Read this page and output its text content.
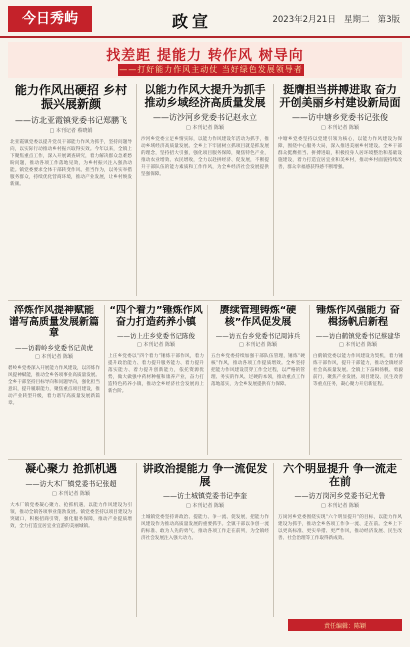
今日秀屿	政宣	2023年2月21日 星期二 第3版
找差距 提能力 转作风 树导向
——打好能力作风主动仗 当好绿色发展领导者
能力作风出硬招 乡村振兴展新颜
——访北亚霞镇党委书记郑鹏飞
□ 本刊记者 蔡晓娟
北亚霞镇党委以提升党员干部能力作风为抓手，坚持问题导向，以实际行动推动乡村振兴取得实效。今年以来，全镇上下聚焦重点工作，深入开展调查研究，着力解决群众急难愁盼问题，推动各项工作落地见效，为乡村振兴注入强劲动能。镇党委要求全体干部转变作风、担当作为，以务实举措服务群众，持续优化营商环境，推动产业发展，让乡村焕发新颜。
以能力作风大提升为抓手 推动乡域经济高质量发展
——访沙河乡党委书记赵永立
□ 本刊记者 陈颖
沙河乡党委立足乡情实际，以能力作风建设年活动为抓手，推动乡域经济高质量发展。全乡上下牢固树立抓项目就是抓发展的理念，坚持招大引强，强化项目服务保障，聚焦特色产业，推动农业增效、农民增收，全力以赴拼经济、促发展，不断提升干部队伍的能力素质和工作作风，为全乡经济社会发展提供坚强保障。
挺膺担当拼搏进取 奋力开创美丽乡村建设新局面
——访中塘乡党委书记张俊
□ 本刊记者 陈颖
中塘乡党委坚持以党建引领为核心，以能力作风建设为保障，围绕中心服务大局，深入推进美丽乡村建设。全乡干部群众挺膺担当、拼搏进取，积极投身人居环境整治和基础设施建设，着力打造宜居宜业和美乡村，推动乡村面貌持续改善，群众幸福感获得感不断增强。
淬炼作风提神赋能 谱写高质量发展新篇章
——访碧岭乡党委书记黄虎
□ 本刊记者 陈颖
碧岭乡党委深入开展能力作风建设，以淬炼作风提神赋能，推动全乡各项事业高质量发展。全乡干部坚持目标导向和问题导向，强化担当意识，提升履职能力，聚焦重点项目建设，推动产业转型升级，着力谱写高质量发展新篇章。
“四个着力”锤炼作风 奋力打造药养小镇
——访上庄乡党委书记陈俊
□ 本刊记者 陈颖
上庄乡党委以“四个着力”锤炼干部作风，着力提升政治能力、着力提升服务能力、着力提升落实能力、着力提升创新能力，依托资源优势，做大做强中药材种植和康养产业，奋力打造特色药养小镇，推动全乡经济社会发展再上新台阶。
赓续管理铸炼“硬核”作风促发展
——访五台乡党委书记周沛兵
□ 本刊记者 陈颖
五台乡党委持续加强干部队伍管理，锤炼“硬核”作风，推动各项工作提质增效。全乡坚持把能力作风建设贯穿工作全过程，以严格的管理、务实的作风、过硬的本领，推动重点工作落地落实，为全乡发展提供有力保障。
锤炼作风强能力 奋楫扬帆启新程
——访白鹤镇党委书记蔡建华
□ 本刊记者 陈颖
白鹤镇党委以能力作风建设为契机，着力锤炼干部作风，提升干部能力，推动全镇经济社会高质量发展。全镇上下奋楫扬帆、勇毅前行，聚焦产业发展、项目建设、民生改善等重点任务，凝心聚力开启新征程。
凝心聚力 抢抓机遇
——访大木厂镇党委书记张超
□ 本刊记者 陈颖
大木厂镇党委凝心聚力、抢抓机遇，以能力作风建设为引领，推动全镇各项事业蓬勃发展。镇党委坚持以项目建设为突破口，积极招商引资，强化服务保障，推动产业提质增效，全力打造宜居宜业宜游的美丽城镇。
讲政治提能力 争一流促发展
——访土城镇党委书记李奎
□ 本刊记者 陈颖
土城镇党委坚持讲政治、提能力、争一流、促发展，把能力作风建设作为推动高质量发展的重要抓手。全镇干部以争创一流的标准、敢为人先的勇气，推动各项工作走在前列，为全镇经济社会发展注入强大动力。
六个明显提升 争一流走在前
——访万岗河乡党委书记尤鲁
□ 本刊记者 陈颖
万岗河乡党委围绕实现“六个明显提升”的目标，以能力作风建设为抓手，推动全乡各项工作争一流、走在前。全乡上下以更高标准、更实举措、更严作风，推动经济发展、民生改善、社会治理等工作取得新成效。
责任编辑：陈颖
